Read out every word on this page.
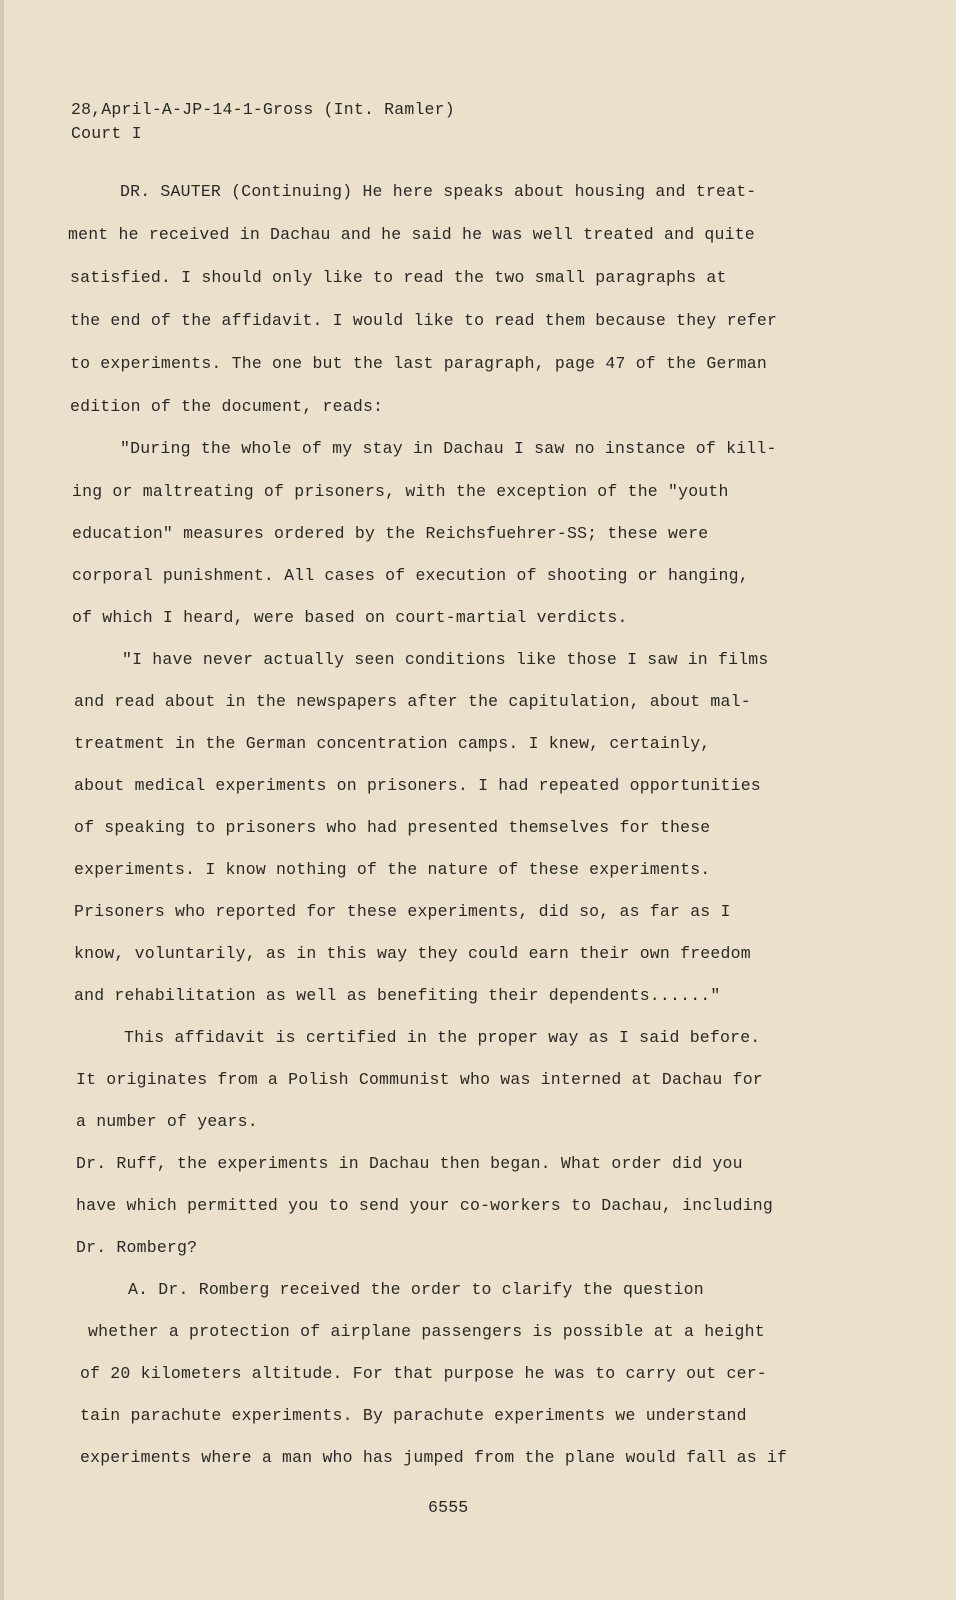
28,April-A-JP-14-1-Gross (Int. Ramler)
Court I
DR. SAUTER (Continuing) He here speaks about housing and treat-
ment he received in Dachau and he said he was well treated and quite
satisfied. I should only like to read the two small paragraphs at
the end of the affidavit. I would like to read them because they refer
to experiments. The one but the last paragraph, page 47 of the German
edition of the document, reads:
"During the whole of my stay in Dachau I saw no instance of kill-
ing or maltreating of prisoners, with the exception of the "youth
education" measures ordered by the Reichsfuehrer-SS; these were
corporal punishment. All cases of execution of shooting or hanging,
of which I heard, were based on court-martial verdicts.
"I have never actually seen conditions like those I saw in films
and read about in the newspapers after the capitulation, about mal-
treatment in the German concentration camps. I knew, certainly,
about medical experiments on prisoners. I had repeated opportunities
of speaking to prisoners who had presented themselves for these
experiments. I know nothing of the nature of these experiments.
Prisoners who reported for these experiments, did so, as far as I
know, voluntarily, as in this way they could earn their own freedom
and rehabilitation as well as benefiting their dependents......"
This affidavit is certified in the proper way as I said before.
It originates from a Polish Communist who was interned at Dachau for
a number of years.
Dr. Ruff, the experiments in Dachau then began. What order did you
have which permitted you to send your co-workers to Dachau, including
Dr. Romberg?
A. Dr. Romberg received the order to clarify the question
whether a protection of airplane passengers is possible at a height
of 20 kilometers altitude. For that purpose he was to carry out cer-
tain parachute experiments. By parachute experiments we understand
experiments where a man who has jumped from the plane would fall as if
6555
